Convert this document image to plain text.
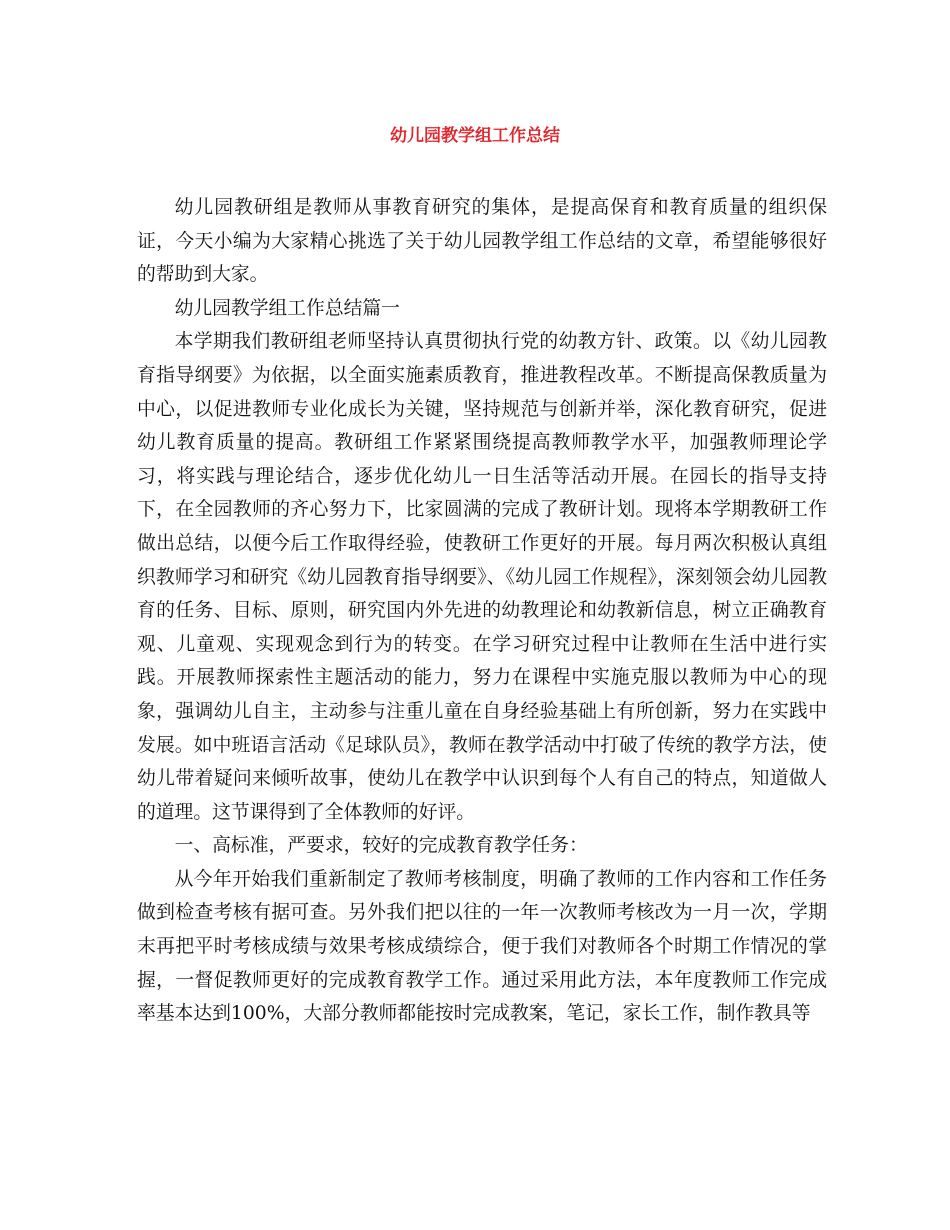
幼儿园教学组工作总结

幼儿园教研组是教师从事教育研究的集体，是提高保育和教育质量的组织保证，今天小编为大家精心挑选了关于幼儿园教学组工作总结的文章，希望能够很好的帮助到大家。

幼儿园教学组工作总结篇一

本学期我们教研组老师坚持认真贯彻执行党的幼教方针、政策。以《幼儿园教育指导纲要》为依据，以全面实施素质教育，推进教程改革。不断提高保教质量为中心，以促进教师专业化成长为关键，坚持规范与创新并举，深化教育研究，促进幼儿教育质量的提高。教研组工作紧紧围绕提高教师教学水平，加强教师理论学习，将实践与理论结合，逐步优化幼儿一日生活等活动开展。在园长的指导支持下，在全园教师的齐心努力下，比家圆满的完成了教研计划。现将本学期教研工作做出总结，以便今后工作取得经验，使教研工作更好的开展。每月两次积极认真组织教师学习和研究《幼儿园教育指导纲要》、《幼儿园工作规程》，深刻领会幼儿园教育的任务、目标、原则，研究国内外先进的幼教理论和幼教新信息，树立正确教育观、儿童观、实现观念到行为的转变。在学习研究过程中让教师在生活中进行实践。开展教师探索性主题活动的能力，努力在课程中实施克服以教师为中心的现象，强调幼儿自主，主动参与注重儿童在自身经验基础上有所创新，努力在实践中发展。如中班语言活动《足球队员》，教师在教学活动中打破了传统的教学方法，使幼儿带着疑问来倾听故事，使幼儿在教学中认识到每个人有自己的特点，知道做人的道理。这节课得到了全体教师的好评。

一、高标准，严要求，较好的完成教育教学任务：

从今年开始我们重新制定了教师考核制度，明确了教师的工作内容和工作任务做到检查考核有据可查。另外我们把以往的一年一次教师考核改为一月一次，学期末再把平时考核成绩与效果考核成绩综合，便于我们对教师各个时期工作情况的掌握，一督促教师更好的完成教育教学工作。通过采用此方法，本年度教师工作完成率基本达到100%，大部分教师都能按时完成教案，笔记，家长工作，制作教具等
